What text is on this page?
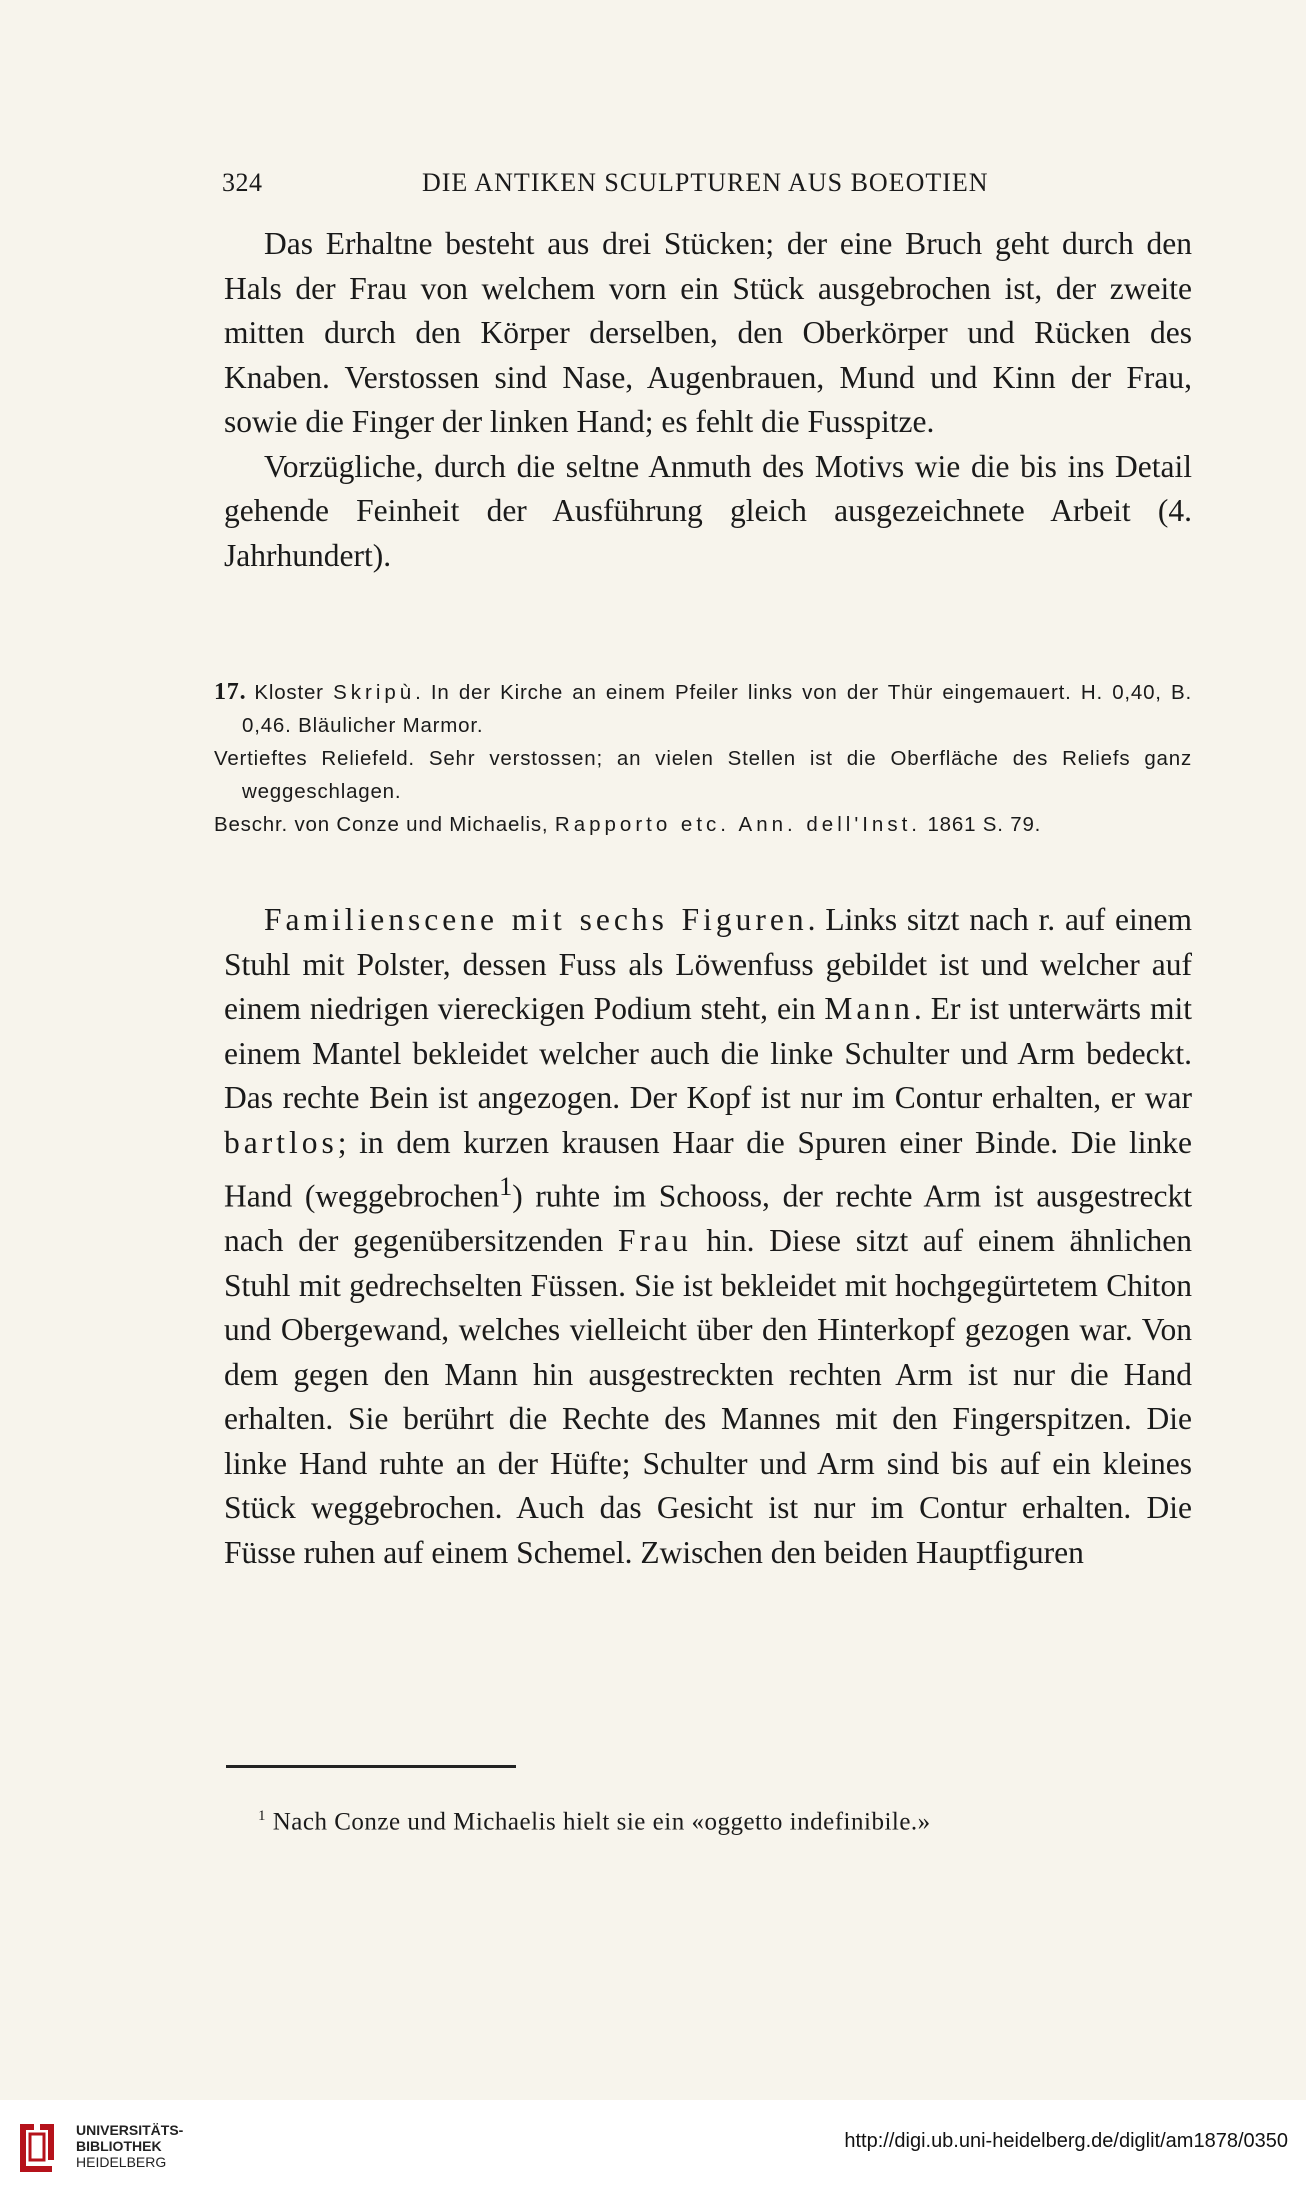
324	DIE ANTIKEN SCULPTUREN AUS BOEOTIEN

Das Erhaltne besteht aus drei Stücken; der eine Bruch geht durch den Hals der Frau von welchem vorn ein Stück ausgebrochen ist, der zweite mitten durch den Körper derselben, den Oberkörper und Rücken des Knaben. Verstossen sind Nase, Augenbrauen, Mund und Kinn der Frau, sowie die Finger der linken Hand; es fehlt die Fusspitze.

Vorzügliche, durch die seltne Anmuth des Motivs wie die bis ins Detail gehende Feinheit der Ausführung gleich ausgezeichnete Arbeit (4. Jahrhundert).

17. Kloster Skripù. In der Kirche an einem Pfeiler links von der Thür eingemauert. H. 0,40, B. 0,46. Bläulicher Marmor.

Vertieftes Reliefeld. Sehr verstossen; an vielen Stellen ist die Oberfläche des Reliefs ganz weggeschlagen.

Beschr. von Conze und Michaelis, Rapporto etc. Ann. dell'Inst. 1861 S. 79.

Familienscene mit sechs Figuren. Links sitzt nach r. auf einem Stuhl mit Polster, dessen Fuss als Löwenfuss gebildet ist und welcher auf einem niedrigen viereckigen Podium steht, ein Mann. Er ist unterwärts mit einem Mantel bekleidet welcher auch die linke Schulter und Arm bedeckt. Das rechte Bein ist angezogen. Der Kopf ist nur im Contur erhalten, er war bartlos; in dem kurzen krausen Haar die Spuren einer Binde. Die linke Hand (weggebrochen$^1$) ruhte im Schooss, der rechte Arm ist ausgestreckt nach der gegenübersitzenden Frau hin. Diese sitzt auf einem ähnlichen Stuhl mit gedrechselten Füssen. Sie ist bekleidet mit hochgegürtetem Chiton und Obergewand, welches vielleicht über den Hinterkopf gezogen war. Von dem gegen den Mann hin ausgestreckten rechten Arm ist nur die Hand erhalten. Sie berührt die Rechte des Mannes mit den Fingerspitzen. Die linke Hand ruhte an der Hüfte; Schulter und Arm sind bis auf ein kleines Stück weggebrochen. Auch das Gesicht ist nur im Contur erhalten. Die Füsse ruhen auf einem Schemel. Zwischen den beiden Hauptfiguren

$^1$ Nach Conze und Michaelis hielt sie ein «oggetto indefinibile.»
UNIVERSITÄTS-
BIBLIOTHEK
HEIDELBERG
http://digi.ub.uni-heidelberg.de/diglit/am1878/0350
